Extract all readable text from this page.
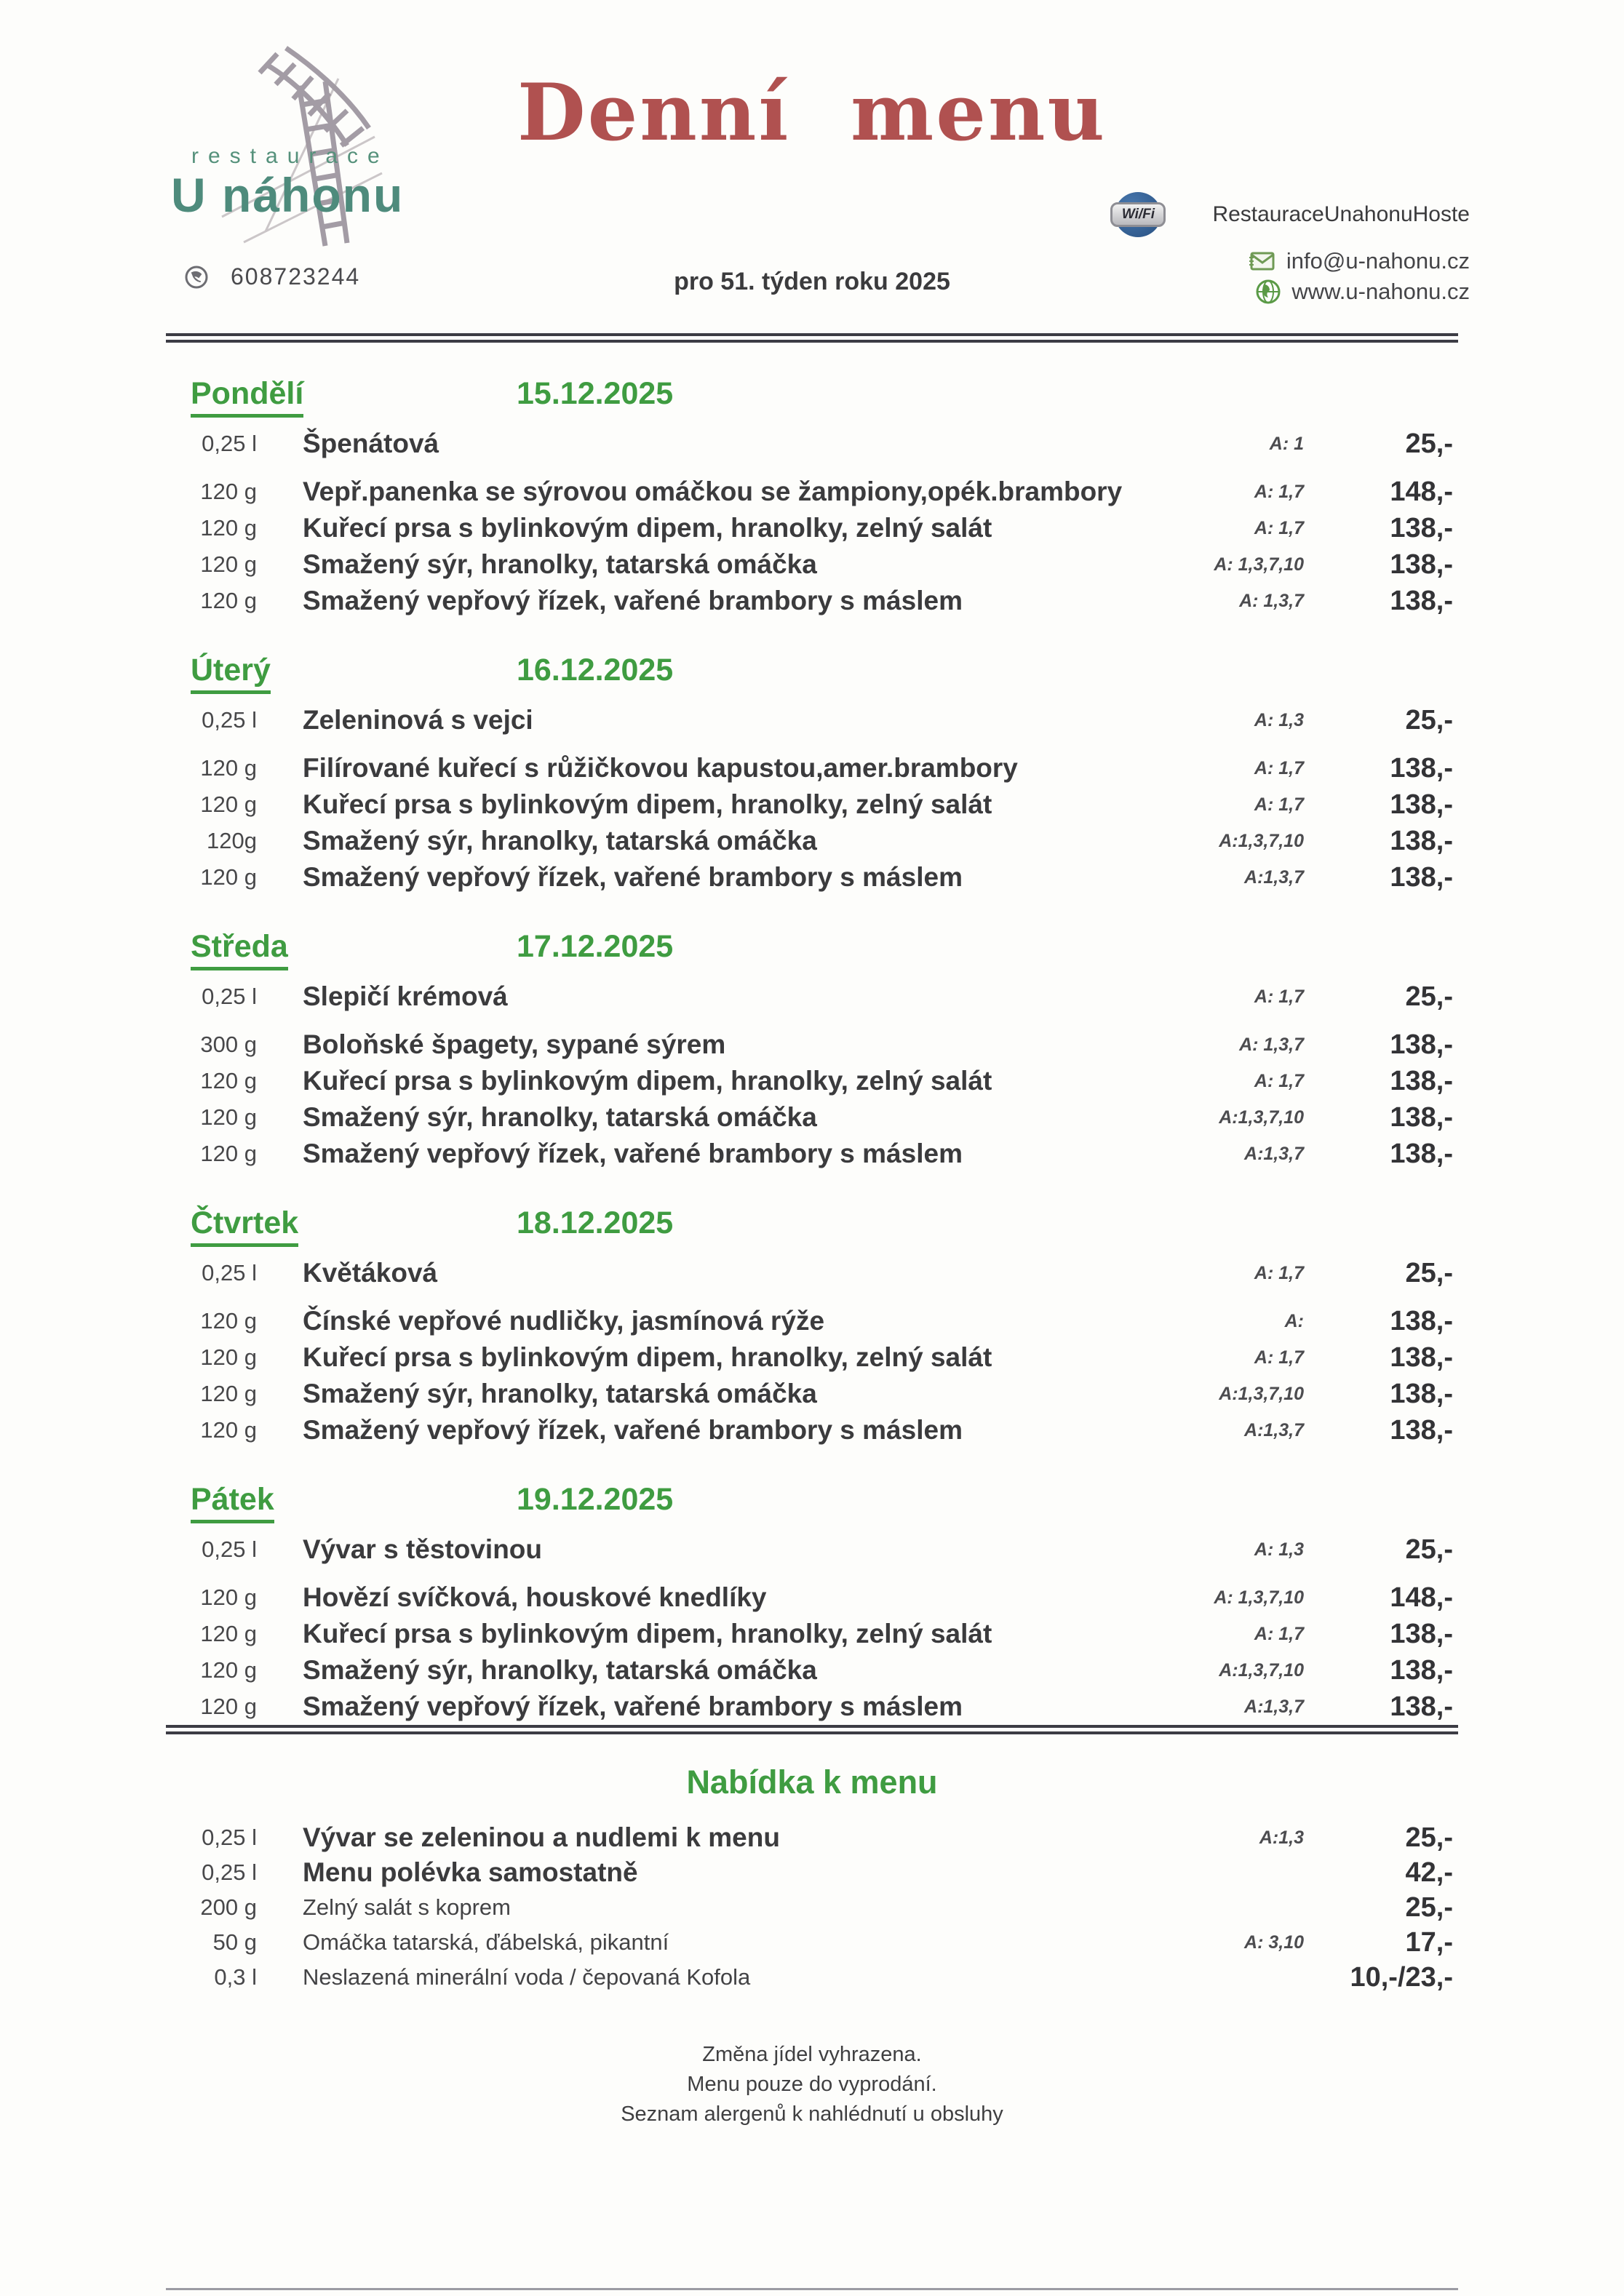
restaurace
U náhonu
Denní menu
Wi/Fi	RestauraceUnahonuHoste
info@u-nahonu.cz
www.u-nahonu.cz
608723244	pro 51. týden roku 2025
Pondělí	15.12.2025
0,25 l Špenátová	A: 1	25,-
120 g Vepř.panenka se sýrovou omáčkou se žampiony,opék.brambory	A: 1,7	148,-
120 g Kuřecí prsa s bylinkovým dipem, hranolky, zelný salát	A: 1,7	138,-
120 g Smažený sýr, hranolky, tatarská omáčka	A: 1,3,7,10	138,-
120 g Smažený vepřový řízek, vařené brambory s máslem	A: 1,3,7	138,-
Úterý	16.12.2025
0,25 l Zeleninová s vejci	A: 1,3	25,-
120 g Filírované kuřecí s růžičkovou kapustou,amer.brambory	A: 1,7	138,-
120 g Kuřecí prsa s bylinkovým dipem, hranolky, zelný salát	A: 1,7	138,-
120g Smažený sýr, hranolky, tatarská omáčka	A:1,3,7,10	138,-
120 g Smažený vepřový řízek, vařené brambory s máslem	A:1,3,7	138,-
Středa	17.12.2025
0,25 l Slepičí krémová	A: 1,7	25,-
300 g Boloňské špagety, sypané sýrem	A: 1,3,7	138,-
120 g Kuřecí prsa s bylinkovým dipem, hranolky, zelný salát	A: 1,7	138,-
120 g Smažený sýr, hranolky, tatarská omáčka	A:1,3,7,10	138,-
120 g Smažený vepřový řízek, vařené brambory s máslem	A:1,3,7	138,-
Čtvrtek	18.12.2025
0,25 l Květáková	A: 1,7	25,-
120 g Čínské vepřové nudličky, jasmínová rýže	A:	138,-
120 g Kuřecí prsa s bylinkovým dipem, hranolky, zelný salát	A: 1,7	138,-
120 g Smažený sýr, hranolky, tatarská omáčka	A:1,3,7,10	138,-
120 g Smažený vepřový řízek, vařené brambory s máslem	A:1,3,7	138,-
Pátek	19.12.2025
0,25 l Vývar s těstovinou	A: 1,3	25,-
120 g Hovězí svíčková, houskové knedlíky	A: 1,3,7,10	148,-
120 g Kuřecí prsa s bylinkovým dipem, hranolky, zelný salát	A: 1,7	138,-
120 g Smažený sýr, hranolky, tatarská omáčka	A:1,3,7,10	138,-
120 g Smažený vepřový řízek, vařené brambory s máslem	A:1,3,7	138,-
Nabídka k menu
0,25 l Vývar se zeleninou a nudlemi k menu	A:1,3	25,-
0,25 l Menu polévka samostatně	42,-
200 g Zelný salát s koprem	25,-
50 g Omáčka tatarská, ďábelská, pikantní	A: 3,10	17,-
0,3 l Neslazená minerální voda / čepovaná Kofola	10,-/23,-
Změna jídel vyhrazena.
Menu pouze do vyprodání.
Seznam alergenů k nahlédnutí u obsluhy
